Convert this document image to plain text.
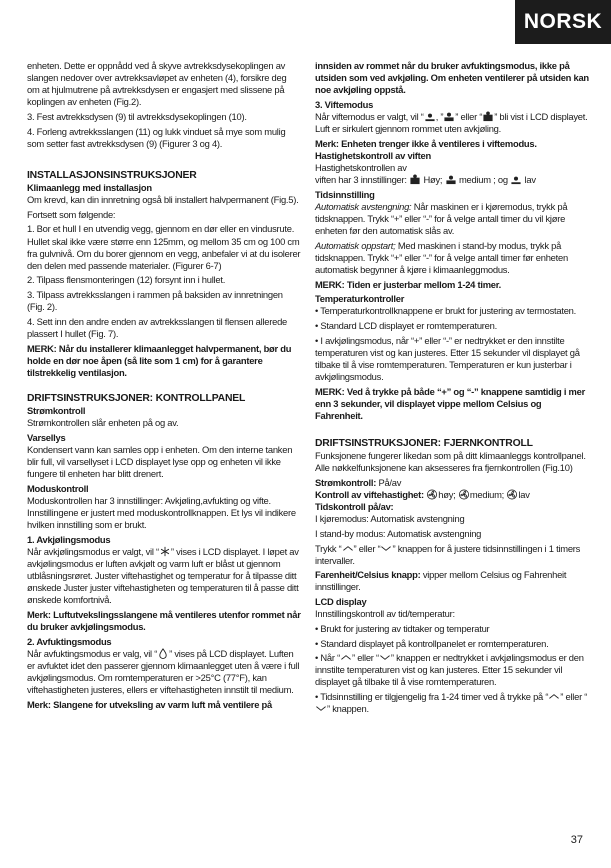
NORSK

enheten. Dette er oppnådd ved å skyve avtrekksdysekoplingen av slangen nedover over avtrekksavløpet av enheten (4), forsikre deg om at hjulmutrene på avtrekksdysen er engasjert med slissene på koplingen av enheten (Fig.2).

3. Fest avtrekksdysen (9) til avtrekksdysekoplingen (10).

4. Forleng avtrekksslangen (11) og lukk vinduet så mye som mulig som setter fast avtrekksdysen (9) (Figurer 3 og 4).

INSTALLASJONSINSTRUKSJONER

Klimaanlegg med installasjon

Om krevd, kan din innretning også bli installert halvpermanent (Fig.5).

Fortsett som følgende:

1. Bor et hull I en utvendig vegg, gjennom en dør eller en vindusrute. Hullet skal ikke være større enn 125mm, og mellom 35 cm og 100 cm fra gulvnivå. Om du borer gjennom en vegg, anbefaler vi at du isolerer den delen med passende materialer. (Figurer 6-7)

2. Tilpass flensmonteringen (12) forsynt inn i hullet.

3. Tilpass avtrekksslangen i rammen på baksiden av innretningen (Fig. 2).

4. Sett inn den andre enden av avtrekksslangen til flensen allerede plassert I hullet (Fig. 7).

MERK: Når du installerer klimaanlegget halvpermanent, bør du holde en dør noe åpen (så lite som 1 cm) for å garantere tilstrekkelig ventilasjon.

DRIFTSINSTRUKSJONER: KONTROLLPANEL

Strømkontroll

Strømkontrollen slår enheten på og av.

Varsellys

Kondensert vann kan samles opp i enheten. Om den interne tanken blir full, vil varsellyset i LCD displayet lyse opp og enheten vil ikke fungere til enheten har blitt drenert.

Moduskontroll

Moduskontrollen har 3 innstillinger: Avkjøling,avfukting og vifte. Innstillingene er justert med moduskontrollknappen. Et lys vil indikere hvilken innstilling som er brukt.

1. Avkjølingsmodus

Når avkjølingsmodus er valgt, vil “ ” vises i LCD displayet. I løpet av avkjølingsmodus er luften avkjølt og varm luft er blåst ut gjennom utblåsningsrøret. Juster viftehastighet og temperatur for å tilpasse ditt ønskede Juster juster viftehastigheten og temperaturen til å passe ditt ønskede komfortnivå.

Merk: Luftutvekslingsslangene må ventileres utenfor rommet når du bruker avkjølingsmodus.

2. Avfuktingsmodus

Når avfuktingsmodus er valg, vil “ ” vises på LCD displayet. Luften er avfuktet idet den passerer gjennom klimaanlegget uten å være i full avkjølingsmodus. Om romtemperaturen er >25°C (77°F), kan viftehastigheten justeres, ellers er viftehastigheten innstilt til medium.

Merk: Slangene for utveksling av varm luft må ventilere på

innsiden av rommet når du bruker avfuktingsmodus, ikke på utsiden som ved avkjøling. Om enheten ventilerer på utsiden kan noe avkjøling oppstå.

3. Viftemodus

Når viftemodus er valgt, vil “ , ” ” eller “ ” bli vist i LCD displayet. Luft er sirkulert gjennom rommet uten avkjøling.

Merk: Enheten trenger ikke å ventileres i viftemodus.

Hastighetskontroll av viften

Hastighetskontrollen av

viften har 3 innstillinger:  Høy;  medium ; og  lav

Tidsinnstilling

Automatisk avstengning: Når maskinen er i kjøremodus, trykk på tidsknappen. Trykk “+” eller “-” for å velge antall timer du vil kjøre enheten før den automatisk slås av.

Automatisk oppstart; Med maskinen i stand-by modus, trykk på tidsknappen. Trykk “+” eller “-” for å velge antall timer før enheten automatisk begynner å kjøre i klimaanleggmodus.

MERK: Tiden er justerbar mellom 1-24 timer.

Temperaturkontroller

• Temperaturkontrollknappene er brukt for justering av termostaten.

• Standard LCD displayet er romtemperaturen.

• I avkjølingsmodus, når “+” eller “-” er nedtrykket er den innstilte temperaturen vist og kan justeres. Etter 15 sekunder vil displayet gå tilbake til å vise romtemperaturen. Temperaturen er kun justerbar i avkjølingsmodus.

MERK: Ved å trykke på både “+” og “-” knappene samtidig i mer enn 3 sekunder, vil displayet vippe mellom Celsius og Fahrenheit.

DRIFTSINSTRUKSJONER: FJERNKONTROLL

Funksjonene fungerer likedan som på ditt klimaanleggs kontrollpanel. Alle nøkkelfunksjonene kan aksesseres fra fjernkontrollen (Fig.10)

Strømkontroll: På/av

Kontroll av viftehastighet: høy; medium; lav

Tidskontroll på/av:

I kjøremodus: Automatisk avstengning

I stand-by modus: Automatisk avstengning

Trykk “ ” eller “ ” knappen for å justere tidsinnstillingen i 1 timers intervaller.

Farenheit/Celsius knapp: vipper mellom Celsius og Fahrenheit innstillinger.

LCD display

Innstillingskontroll av tid/temperatur:

• Brukt for justering av tidtaker og temperatur

• Standard displayet på kontrollpanelet er romtemperaturen.

• Når “ ” eller “ ” knappen er nedtrykket i avkjølingsmodus er den innstilte temperaturen vist og kan justeres. Etter 15 sekunder vil displayet gå tilbake til å vise romtemperaturen.

• Tidsinnstilling er tilgjengelig fra 1-24 timer ved å trykke på “ ” eller “” knappen.

37
